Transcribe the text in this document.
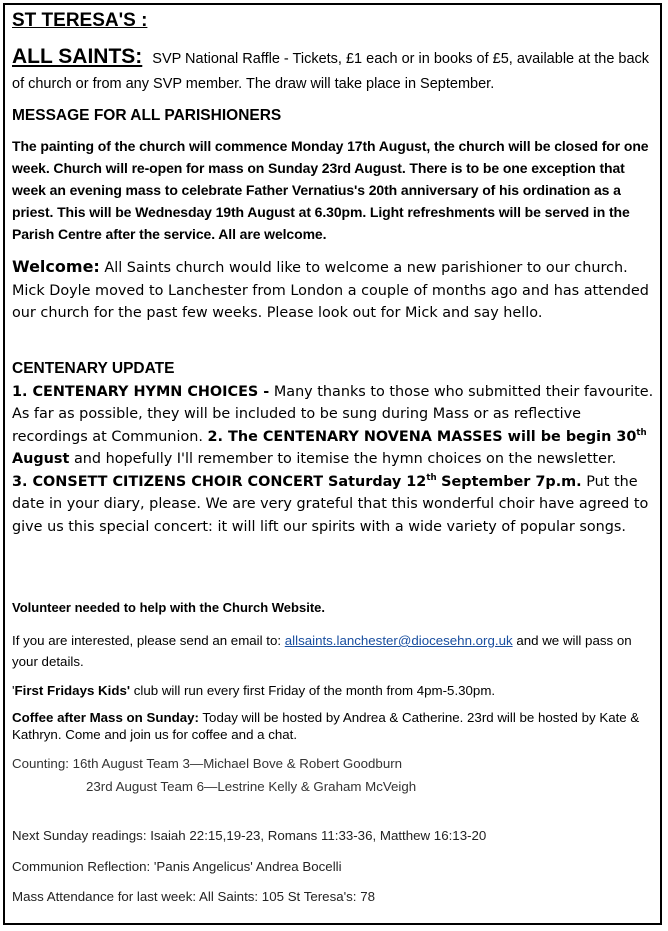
ST TERESA'S :
ALL SAINTS: SVP National Raffle - Tickets, £1 each or in books of £5, available at the back of church or from any SVP member. The draw will take place in September.
MESSAGE FOR ALL PARISHIONERS
The painting of the church will commence Monday 17th August, the church will be closed for one week. Church will re-open for mass on Sunday 23rd August. There is to be one exception that week an evening mass to celebrate Father Vernatius's 20th anniversary of his ordination as a priest. This will be Wednesday 19th August at 6.30pm. Light refreshments will be served in the Parish Centre after the service. All are welcome.
Welcome: All Saints church would like to welcome a new parishioner to our church. Mick Doyle moved to Lanchester from London a couple of months ago and has attended our church for the past few weeks. Please look out for Mick and say hello.
CENTENARY UPDATE
1. CENTENARY HYMN CHOICES - Many thanks to those who submitted their favourite. As far as possible, they will be included to be sung during Mass or as reflective recordings at Communion. 2. The CENTENARY NOVENA MASSES will be begin 30th August and hopefully I'll remember to itemise the hymn choices on the newsletter.
3. CONSETT CITIZENS CHOIR CONCERT Saturday 12th September 7p.m. Put the date in your diary, please. We are very grateful that this wonderful choir have agreed to give us this special concert: it will lift our spirits with a wide variety of popular songs.
Volunteer needed to help with the Church Website.
If you are interested, please send an email to: allsaints.lanchester@diocesehn.org.uk and we will pass on your details.
'First Fridays Kids' club will run every first Friday of the month from 4pm-5.30pm.
Coffee after Mass on Sunday: Today will be hosted by Andrea & Catherine. 23rd will be hosted by Kate & Kathryn. Come and join us for coffee and a chat.
Counting: 16th August Team 3—Michael Bove & Robert Goodburn
23rd August Team 6—Lestrine Kelly & Graham McVeigh
Next Sunday readings: Isaiah 22:15,19-23, Romans 11:33-36, Matthew 16:13-20
Communion Reflection: 'Panis Angelicus' Andrea Bocelli
Mass Attendance for last week: All Saints: 105 St Teresa's: 78
